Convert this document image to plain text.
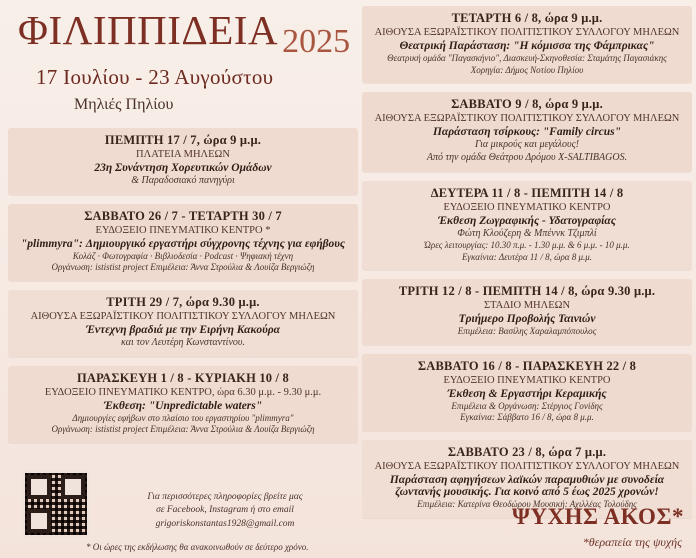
ΦΙΛΙΠΠΙΔΕΙΑ 2025
17 Ιουλίου - 23 Αυγούστου
Μηλιές Πηλίου
ΠΕΜΠΤΗ 17 / 7, ώρα 9 μ.μ.
ΠΛΑΤΕΙΑ ΜΗΛΕΩΝ
23η Συνάντηση Χορευτικών Ομάδων
& Παραδοσιακό πανηγύρι
ΣΑΒΒΑΤΟ 26 / 7 - ΤΕΤΑΡΤΗ 30 / 7
ΕΥΔΟΞΕΙΟ ΠΝΕΥΜΑΤΙΚΟ ΚΕΝΤΡΟ *
"plimmyra": Δημιουργικό εργαστήρι σύγχρονης τέχνης για εφήβους
Κολάζ · Φωτογραφία · Βιβλιοδεσία · Podcast · Ψηφιακή τέχνη
Οργάνωση: ististist project Επιμέλεια: Άννα Στρούλια & Λουίζα Βεργιώζη
ΤΡΙΤΗ 29 / 7, ώρα 9.30 μ.μ.
ΑΙΘΟΥΣΑ ΕΞΩΡΑΪΣΤΙΚΟΥ ΠΟΛΙΤΙΣΤΙΚΟΥ ΣΥΛΛΟΓΟΥ ΜΗΛΕΩΝ
Έντεχνη βραδιά με την Ειρήνη Κακούρα
και τον Λευτέρη Κωνσταντίνου.
ΠΑΡΑΣΚΕΥΗ 1 / 8 - ΚΥΡΙΑΚΗ 10 / 8
ΕΥΔΟΞΕΙΟ ΠΝΕΥΜΑΤΙΚΟ ΚΕΝΤΡΟ, ώρα 6.30 μ.μ. - 9.30 μ.μ.
Έκθεση: "Unpredictable waters"
Δημιουργίες εφήβων στο πλαίσιο του εργαστηρίου "plimmyra"
Οργάνωση: ististist project Επιμέλεια: Άννα Στρούλια & Λουίζα Βεργιώζη
Για περισσότερες πληροφορίες βρείτε μας
σε Facebook, Instagram ή στο email
grigoriskonstantas1928@gmail.com
* Οι ώρες της εκδήλωσης θα ανακοινωθούν σε δεύτερο χρόνο.
ΤΕΤΑΡΤΗ 6 / 8, ώρα 9 μ.μ.
ΑΙΘΟΥΣΑ ΕΞΩΡΑΪΣΤΙΚΟΥ ΠΟΛΙΤΙΣΤΙΚΟΥ ΣΥΛΛΟΓΟΥ ΜΗΛΕΩΝ
Θεατρική Παράσταση: "Η κόμισσα της Φάμπρικας"
Θεατρική ομάδα "Παγασκήνιο", Διασκευή-Σκηνοθεσία: Σταμάτης Παγασιάκης Χορηγία: Δήμος Νοτίου Πηλίου
ΣΑΒΒΑΤΟ 9 / 8, ώρα 9 μ.μ.
ΑΙΘΟΥΣΑ ΕΞΩΡΑΪΣΤΙΚΟΥ ΠΟΛΙΤΙΣΤΙΚΟΥ ΣΥΛΛΟΓΟΥ ΜΗΛΕΩΝ
Παράσταση τσίρκους: "Family circus"
Για μικρούς και μεγάλους!
Από την ομάδα Θεάτρου Δρόμου X-SALTIBAGOS.
ΔΕΥΤΕΡΑ 11 / 8 - ΠΕΜΠΤΗ 14 / 8
ΕΥΔΟΞΕΙΟ ΠΝΕΥΜΑΤΙΚΟ ΚΕΝΤΡΟ
Έκθεση Ζωγραφικής - Υδατογραφίας
Φώτη Κλούζερη & Μπέννκ Τζιμπλί
Ώρες λειτουργίας: 10.30 π.μ. - 1.30 μ.μ. & 6 μ.μ. - 10 μ.μ.
Εγκαίνια: Δευτέρα 11 / 8, ώρα 8 μ.μ.
ΤΡΙΤΗ 12 / 8 - ΠΕΜΠΤΗ 14 / 8, ώρα 9.30 μ.μ.
ΣΤΑΔΙΟ ΜΗΛΕΩΝ
Τριήμερο Προβολής Ταινιών
Επιμέλεια: Βασίλης Χαραλαμπόπουλος
ΣΑΒΒΑΤΟ 16 / 8 - ΠΑΡΑΣΚΕΥΗ 22 / 8
ΕΥΔΟΞΕΙΟ ΠΝΕΥΜΑΤΙΚΟ ΚΕΝΤΡΟ
Έκθεση & Εργαστήρι Κεραμικής
Επιμέλεια & Οργάνωση: Στέργιος Γονίδης
Εγκαίνια: Σάββατο 16 / 8, ώρα 8 μ.μ.
ΣΑΒΒΑΤΟ 23 / 8, ώρα 7 μ.μ.
ΑΙΘΟΥΣΑ ΕΞΩΡΑΪΣΤΙΚΟΥ ΠΟΛΙΤΙΣΤΙΚΟΥ ΣΥΛΛΟΓΟΥ ΜΗΛΕΩΝ
Παράσταση αφηγήσεων λαϊκών παραμυθιών με συνοδεία ζωντανής μουσικής. Για κοινό από 5 έως 2025 χρονών!
Επιμέλεια: Κατερίνα Θεοδώρου Μουσική: Αχιλλέας Τολούδης
ΨΥΧΗΣ ΑΚΟΣ*
*θεραπεία της ψυχής
